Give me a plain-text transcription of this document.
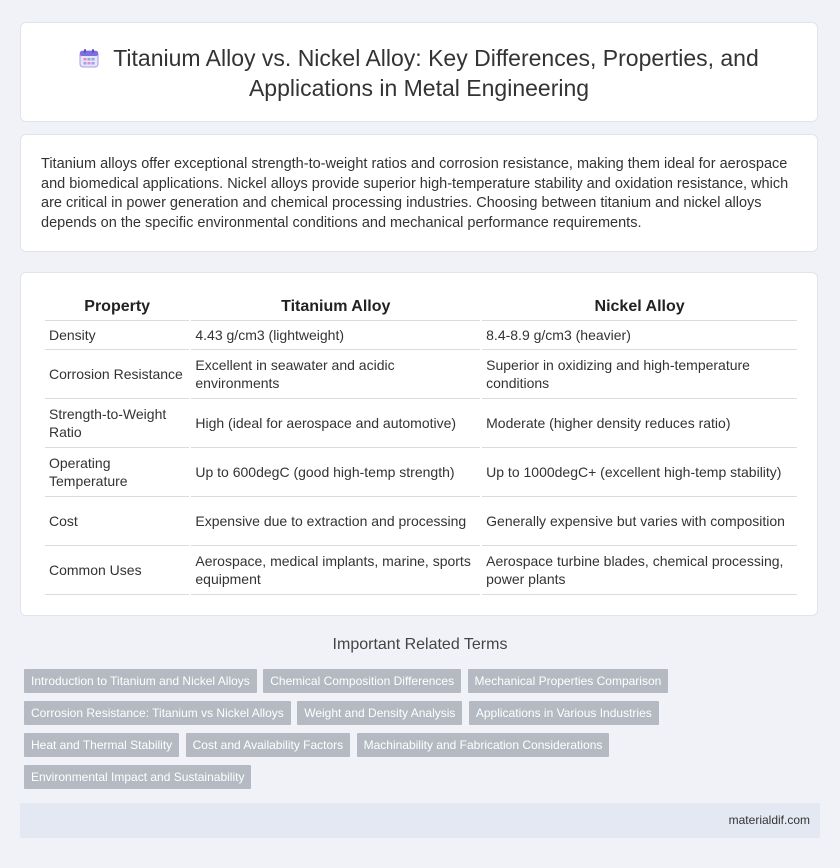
Titanium Alloy vs. Nickel Alloy: Key Differences, Properties, and Applications in Metal Engineering

Titanium alloys offer exceptional strength-to-weight ratios and corrosion resistance, making them ideal for aerospace and biomedical applications. Nickel alloys provide superior high-temperature stability and oxidation resistance, which are critical in power generation and chemical processing industries. Choosing between titanium and nickel alloys depends on the specific environmental conditions and mechanical performance requirements.

Property	Titanium Alloy	Nickel Alloy
Density	4.43 g/cm3 (lightweight)	8.4-8.9 g/cm3 (heavier)
Corrosion Resistance	Excellent in seawater and acidic environments	Superior in oxidizing and high-temperature conditions
Strength-to-Weight Ratio	High (ideal for aerospace and automotive)	Moderate (higher density reduces ratio)
Operating Temperature	Up to 600degC (good high-temp strength)	Up to 1000degC+ (excellent high-temp stability)
Cost	Expensive due to extraction and processing	Generally expensive but varies with composition
Common Uses	Aerospace, medical implants, marine, sports equipment	Aerospace turbine blades, chemical processing, power plants
Important Related Terms
Introduction to Titanium and Nickel Alloys Chemical Composition Differences Mechanical Properties Comparison
Corrosion Resistance: Titanium vs Nickel Alloys Weight and Density Analysis Applications in Various Industries
Heat and Thermal Stability Cost and Availability Factors Machinability and Fabrication Considerations
Environmental Impact and Sustainability
materialdif.com
